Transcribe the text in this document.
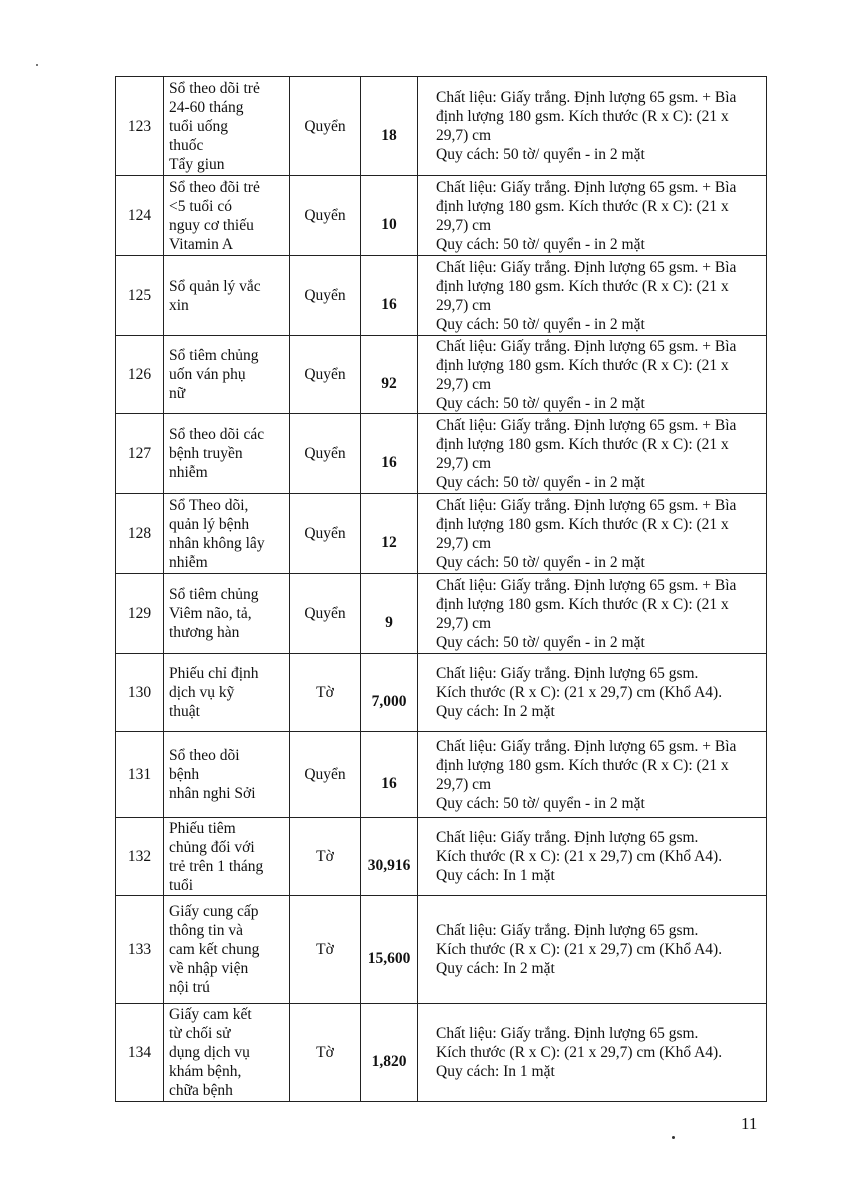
123	Sổ theo dõi trẻ
24-60 tháng
tuổi uống
thuốc
Tẩy giun	Quyển	18	Chất liệu: Giấy trắng. Định lượng 65 gsm. + Bìa
định lượng 180 gsm. Kích thước (R x C): (21 x
29,7) cm
Quy cách: 50 tờ/ quyển - in 2 mặt

124	Sổ theo đõi trẻ
<5 tuổi có
nguy cơ thiếu
Vitamin A	Quyển	10	Chất liệu: Giấy trắng. Định lượng 65 gsm. + Bìa
định lượng 180 gsm. Kích thước (R x C): (21 x
29,7) cm
Quy cách: 50 tờ/ quyển - in 2 mặt

125	Sổ quản lý vắc
xin	Quyển	16	Chất liệu: Giấy trắng. Định lượng 65 gsm. + Bìa
định lượng 180 gsm. Kích thước (R x C): (21 x
29,7) cm
Quy cách: 50 tờ/ quyển - in 2 mặt

126	Sổ tiêm chủng
uốn ván phụ
nữ	Quyển	92	Chất liệu: Giấy trắng. Định lượng 65 gsm. + Bìa
định lượng 180 gsm. Kích thước (R x C): (21 x
29,7) cm
Quy cách: 50 tờ/ quyển - in 2 mặt

127	Sổ theo dõi các
bệnh truyền
nhiễm	Quyển	16	Chất liệu: Giấy trắng. Định lượng 65 gsm. + Bìa
định lượng 180 gsm. Kích thước (R x C): (21 x
29,7) cm
Quy cách: 50 tờ/ quyển - in 2 mặt

128	Sổ Theo dõi,
quản lý bệnh
nhân không lây
nhiễm	Quyển	12	Chất liệu: Giấy trắng. Định lượng 65 gsm. + Bìa
định lượng 180 gsm. Kích thước (R x C): (21 x
29,7) cm
Quy cách: 50 tờ/ quyển - in 2 mặt

129	Sổ tiêm chủng
Viêm não, tả,
thương hàn	Quyển	9	Chất liệu: Giấy trắng. Định lượng 65 gsm. + Bìa
định lượng 180 gsm. Kích thước (R x C): (21 x
29,7) cm
Quy cách: 50 tờ/ quyển - in 2 mặt

130	Phiếu chỉ định
dịch vụ kỹ
thuật	Tờ	7,000	Chất liệu: Giấy trắng. Định lượng 65 gsm.
Kích thước (R x C): (21 x 29,7) cm (Khổ A4).
Quy cách: In 2 mặt

131	Sổ theo dõi
bệnh
nhân nghi Sởi	Quyển	16	Chất liệu: Giấy trắng. Định lượng 65 gsm. + Bìa
định lượng 180 gsm. Kích thước (R x C): (21 x
29,7) cm
Quy cách: 50 tờ/ quyển - in 2 mặt

132	Phiếu tiêm
chủng đối với
trẻ trên 1 tháng
tuổi	Tờ	30,916	Chất liệu: Giấy trắng. Định lượng 65 gsm.
Kích thước (R x C): (21 x 29,7) cm (Khổ A4).
Quy cách: In 1 mặt

133	Giấy cung cấp
thông tin và
cam kết chung
về nhập viện
nội trú	Tờ	15,600	Chất liệu: Giấy trắng. Định lượng 65 gsm.
Kích thước (R x C): (21 x 29,7) cm (Khổ A4).
Quy cách: In 2 mặt

134	Giấy cam kết
từ chối sử
dụng dịch vụ
khám bệnh,
chữa bệnh	Tờ	1,820	Chất liệu: Giấy trắng. Định lượng 65 gsm.
Kích thước (R x C): (21 x 29,7) cm (Khổ A4).
Quy cách: In 1 mặt
11
